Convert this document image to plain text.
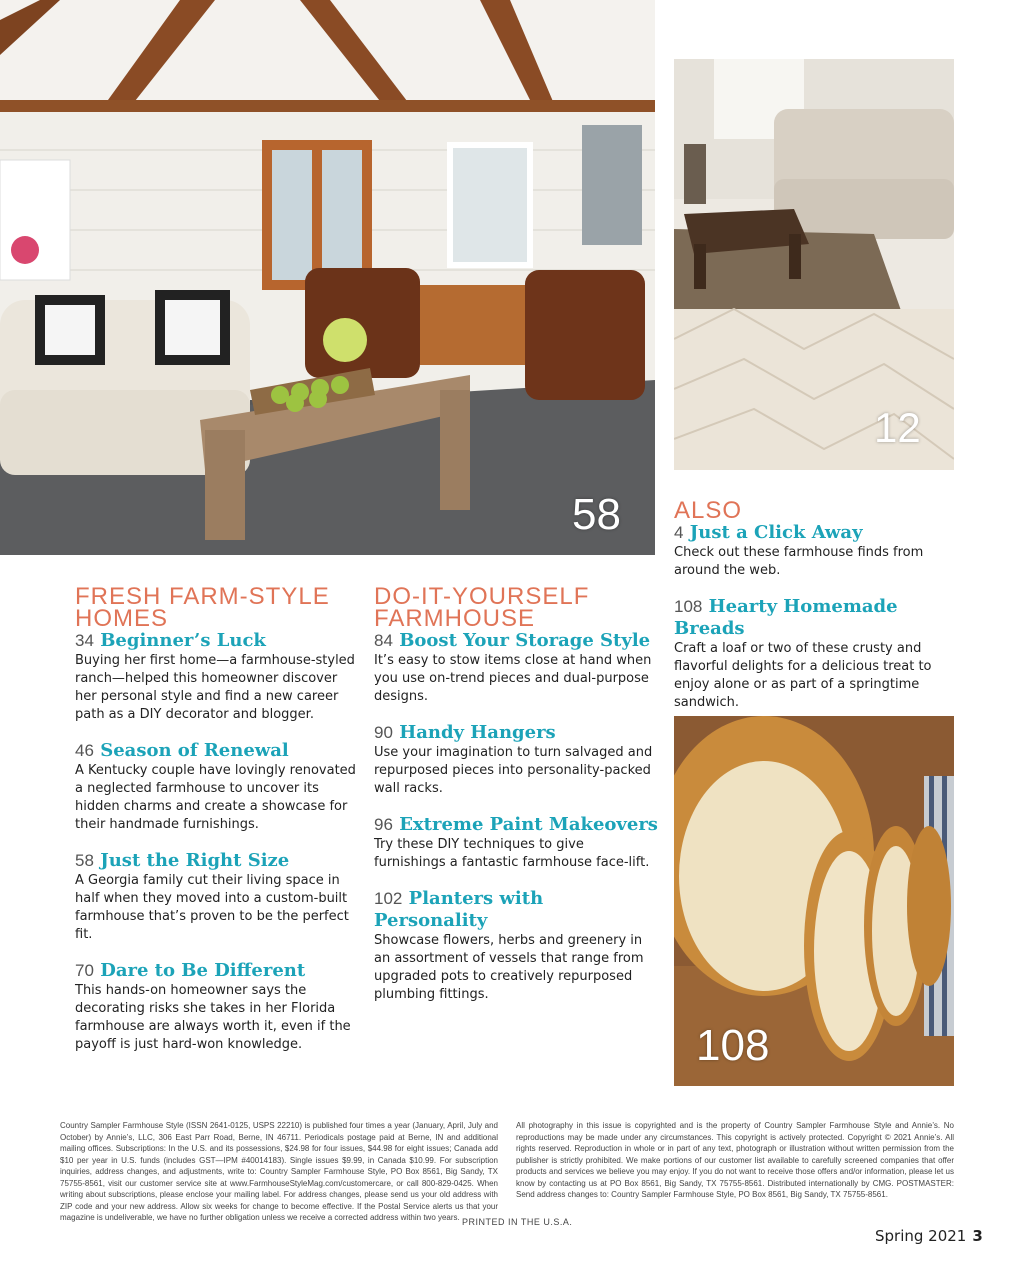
58
12
108
FRESH FARM-STYLE
HOMES
34 Beginner’s Luck
Buying her first home—a farmhouse-styled ranch—helped this homeowner discover her personal style and find a new career path as a DIY decorator and blogger.
46 Season of Renewal
A Kentucky couple have lovingly renovated a neglected farmhouse to uncover its hidden charms and create a showcase for their handmade furnishings.
58 Just the Right Size
A Georgia family cut their living space in half when they moved into a custom-built farmhouse that’s proven to be the perfect fit.
70 Dare to Be Different
This hands-on homeowner says the decorating risks she takes in her Florida farmhouse are always worth it, even if the payoff is just hard-won knowledge.
DO-IT-YOURSELF
FARMHOUSE
84 Boost Your Storage Style
It’s easy to stow items close at hand when you use on-trend pieces and dual-purpose designs.
90 Handy Hangers
Use your imagination to turn salvaged and repurposed pieces into personality-packed wall racks.
96 Extreme Paint Makeovers
Try these DIY techniques to give furnishings a fantastic farmhouse face-lift.
102 Planters with Personality
Showcase flowers, herbs and greenery in an assortment of vessels that range from upgraded pots to creatively repurposed plumbing fittings.
ALSO
4 Just a Click Away
Check out these farmhouse finds from around the web.
108 Hearty Homemade Breads
Craft a loaf or two of these crusty and flavorful delights for a delicious treat to enjoy alone or as part of a springtime sandwich.
Country Sampler Farmhouse Style (ISSN 2641-0125, USPS 22210) is published four times a year (January, April, July and October) by Annie’s, LLC, 306 East Parr Road, Berne, IN 46711. Periodicals postage paid at Berne, IN and additional mailing offices. Subscriptions: In the U.S. and its possessions, $24.98 for four issues, $44.98 for eight issues; Canada add $10 per year in U.S. funds (includes GST—IPM #40014183). Single issues $9.99, in Canada $10.99. For subscription inquiries, address changes, and adjustments, write to: Country Sampler Farmhouse Style, PO Box 8561, Big Sandy, TX 75755-8561, visit our customer service site at www.FarmhouseStyleMag.com/customercare, or call 800-829-0425. When writing about subscriptions, please enclose your mailing label. For address changes, please send us your old address with ZIP code and your new address. Allow six weeks for change to become effective. If the Postal Service alerts us that your magazine is undeliverable, we have no further obligation unless we receive a corrected address within two years.
All photography in this issue is copyrighted and is the property of Country Sampler Farmhouse Style and Annie’s. No reproductions may be made under any circumstances. This copyright is actively protected. Copyright © 2021 Annie’s. All rights reserved. Reproduction in whole or in part of any text, photograph or illustration without written permission from the publisher is strictly prohibited. We make portions of our customer list available to carefully screened companies that offer products and services we believe you may enjoy. If you do not want to receive those offers and/or information, please let us know by contacting us at PO Box 8561, Big Sandy, TX 75755-8561. Distributed internationally by CMG. POSTMASTER: Send address changes to: Country Sampler Farmhouse Style, PO Box 8561, Big Sandy, TX 75755-8561.
PRINTED IN THE U.S.A.
Spring 2021 3
